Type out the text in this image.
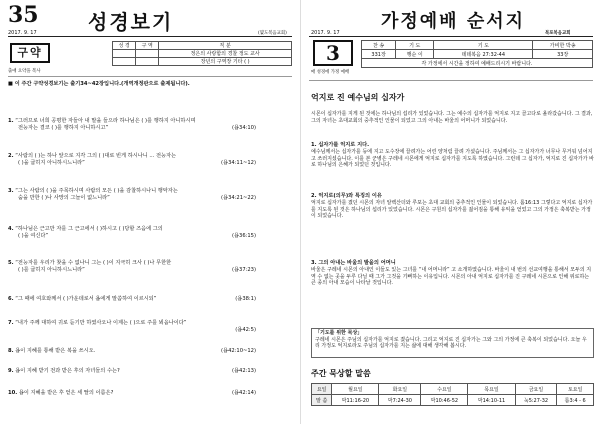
35 성경보기
2017. 9. 17	(몇도복음교회)
구약
출애 요약을 복사
성 경	구 역	직 분
		정은의 사랑함의 경찰 정도 교사
		장년의 구역장 기타 ( )
■ 이 주간 구약성경보기는 출기34~42장입니다.(개역개정판으로 출제됩니다).
1. “그러므로 너희 공평한 자들아 내 말을 들으라 하나님은 ( )를 행하지 아니하시며
전능자는 결코 ( )를 행하지 아니하시고”	(욥34:10)
2. “사람의 ( )는 하나 앞으로 지각 그의 ( )대로 빈게 하시나니 ... 전능자는
( )을 굽히지 아니하시느니라”	(욥34:11~12)
3. “그는 사람의 ( )을 주목하시며 사람의 모든 ( )을 감찰하시나니 행악자는
숨을 만한 ( )나 사망의 그늘이 없느니라”	(욥34:21~22)
4. “하나님은 근고만 자를 그 근고에서 ( )하시고 ( )당할 즈음에 그의
( )을 여신다”	(욥36:15)
5. “전능자를 우리가 찾을 수 없나니 그는 ( )이 지극히 크사 ( )나 무한한
( )를 굽히지 아니하시느니라”	(욥37:23)
6. “그 때에 여호와께서 ( )가운데로서 욥에게 말씀하여 이르시되”	(욥38:1)
7. “내가 주께 대하여 귀로 듣기만 하였사오나 이제는 ( )으로 주를 뵈옵나이다”
(욥42:5)

8. 욥이 지혜를 통해 받은 복을 쓰시오.	(욥42:10~12)
9. 욥이 지혜 받기 전과 받은 후의 자녀들의 수는?	(욥42:13)
10. 욥이 지혜을 받은 후 얻은 세 딸의 이름은?	(욥42:14)
가정예배 순서지
2017. 9. 17	북포복음교회
3
매 성경에 가정 예배
찬 송	기 도	기 도	가비한 박송
331장	행순 이	데데복음 27:32-44	33장
각 가정에서 시간을 정하여 예배드리시기 바랍니다.			
억지로 진 예수님의 십자가
시몬이 십자가를 지게 된 것에는 하나님의 섭리가 있었습니다. 그는 예수의 십자가를 억지로 지고 골고다로 올라갔습니다. 그 결과, 그의 자녀는 초대교회의 중추적인 인물이 되었고 그의 아내는 바울의 어머니가 되었습니다.
1. 십자가를 억지로 지다.
예수님께서는 십자가를 등에 지고 도수장에 끌려가는 어린 양처럼 끌려 가셨습니다. 주님께서는 그 십자가가 너무나 무거워 넘어지고 쓰러지셨습니다. 이를 본 군병은 구레네 시몬에게 억지로 십자가를 지도록 하였습니다. 그런데 그 십자가, 억지로 진 십자가가 바로 하나님의 은혜가 되었던 것입니다.
2. 억지로(의무)와 특징의 이유
억지로 십자가를 졌던 시몬의 자녀 알렉산더와 루포는 초대 교회의 중추적인 인물이 되었습니다. 롬16:13 그렇다고 억지로 십자가를 지도록 된 것은 하나님의 섭리가 있었습니다. 시몬은 구원의 십자가를 짊어짐을 통해 유익을 얻었고 그의 가정은 축복받는 가정이 되었습니다.
3. 그의 아내는 바울의 발을의 어머니
바울은 구레네 시몬의 아내인 이들도 있는 그녀를 “내 어머니라” 고 소개하였습니다. 바울이 내 번의 선교여행을 통해서 모두의 지역 수 없는 곳을 두루 다닐 때 그가 그것을 기뻐하는 이유입니다. 시몬의 아내 억지로 십자가를 진 구레네 시몬으로 인해 위로하는 큰 종의 아내 모습이 나타날 것입니다.
「기도를 위한 묵상」
구레네 시몬은 주님의 십자가를 억지로 졌습니다. 그리고 억지로 진 십자가는 그와 그의 가정에 큰 축복이 되었습니다. 오늘 우리 가정도 억지로라도 주님의 십자가를 지는 삶에 대해 생각해 봅시다.
주간 묵상할 말씀
요일	월요일	화요일	수요일	목요일	금요일	토요일
말 씀	막11:16-20	막7:24-30	막10:46-52	막14:10-11	눅5:27-32	롬3:4 - 6
